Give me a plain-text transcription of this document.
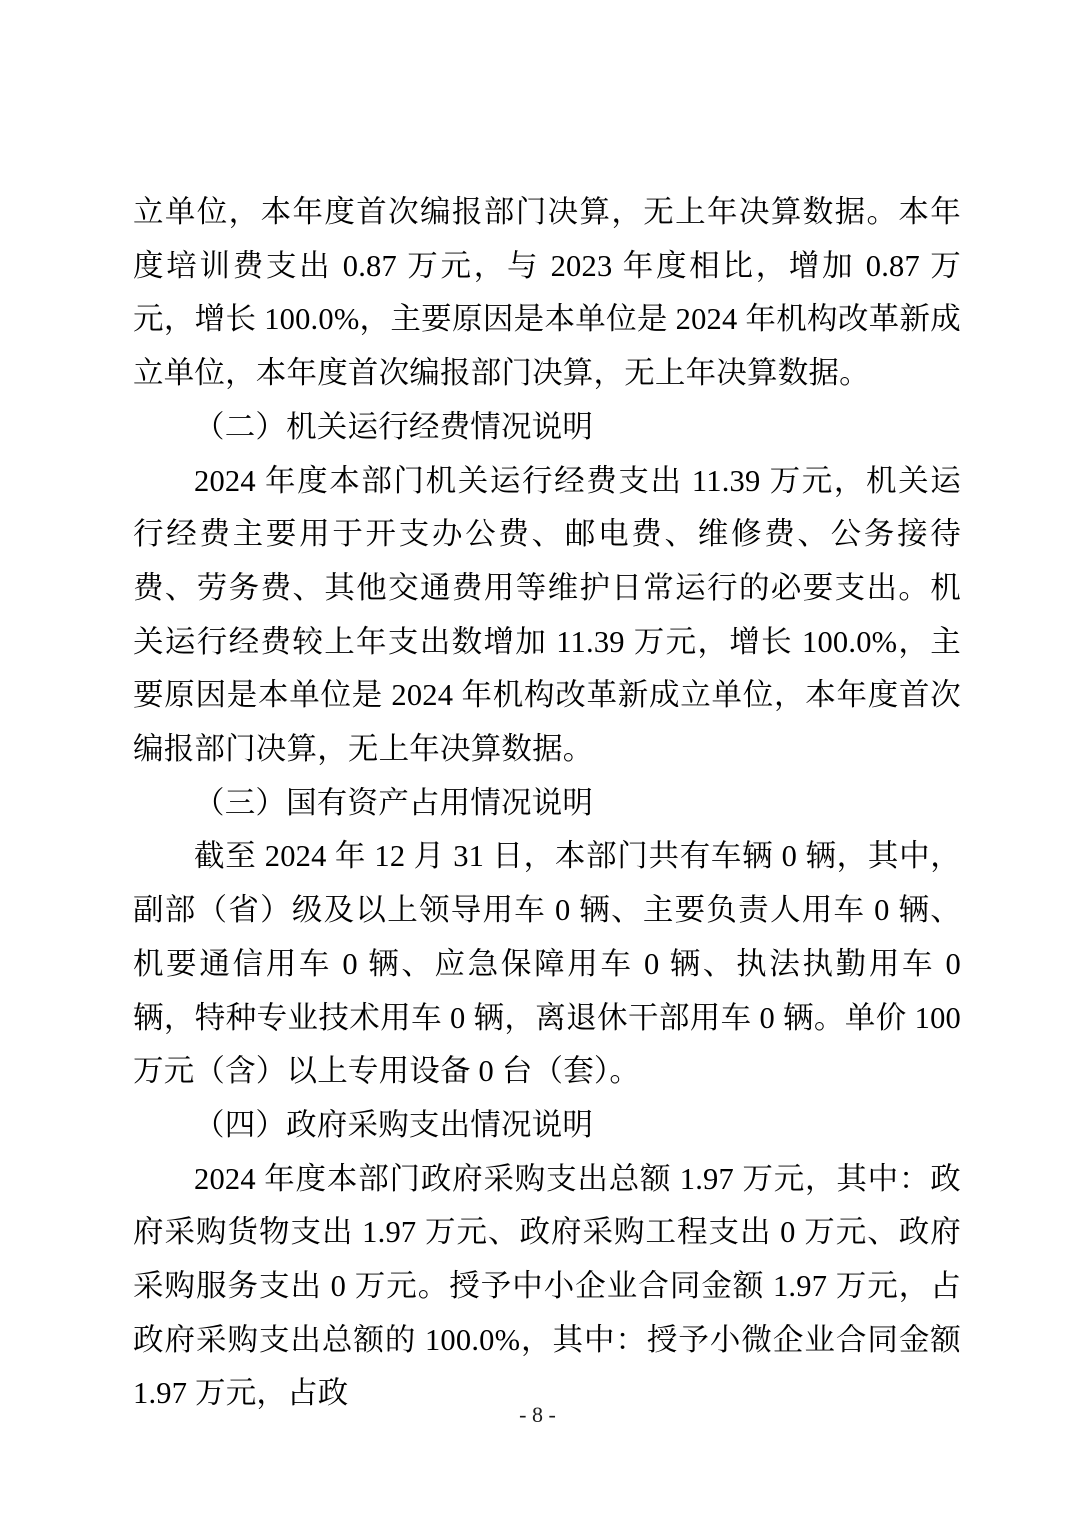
立单位，本年度首次编报部门决算，无上年决算数据。本年度培训费支出 0.87 万元，与 2023 年度相比，增加 0.87 万元，增长 100.0%，主要原因是本单位是 2024 年机构改革新成立单位，本年度首次编报部门决算，无上年决算数据。

（二）机关运行经费情况说明

2024 年度本部门机关运行经费支出 11.39 万元，机关运行经费主要用于开支办公费、邮电费、维修费、公务接待费、劳务费、其他交通费用等维护日常运行的必要支出。机关运行经费较上年支出数增加 11.39 万元，增长 100.0%，主要原因是本单位是 2024 年机构改革新成立单位，本年度首次编报部门决算，无上年决算数据。

（三）国有资产占用情况说明

截至 2024 年 12 月 31 日，本部门共有车辆 0 辆，其中，副部（省）级及以上领导用车 0 辆、主要负责人用车 0 辆、机要通信用车 0 辆、应急保障用车 0 辆、执法执勤用车 0 辆，特种专业技术用车 0 辆，离退休干部用车 0 辆。单价 100 万元（含）以上专用设备 0 台（套）。

（四）政府采购支出情况说明

2024 年度本部门政府采购支出总额 1.97 万元，其中：政府采购货物支出 1.97 万元、政府采购工程支出 0 万元、政府采购服务支出 0 万元。授予中小企业合同金额 1.97 万元，占政府采购支出总额的 100.0%，其中：授予小微企业合同金额 1.97 万元，占政

- 8 -
